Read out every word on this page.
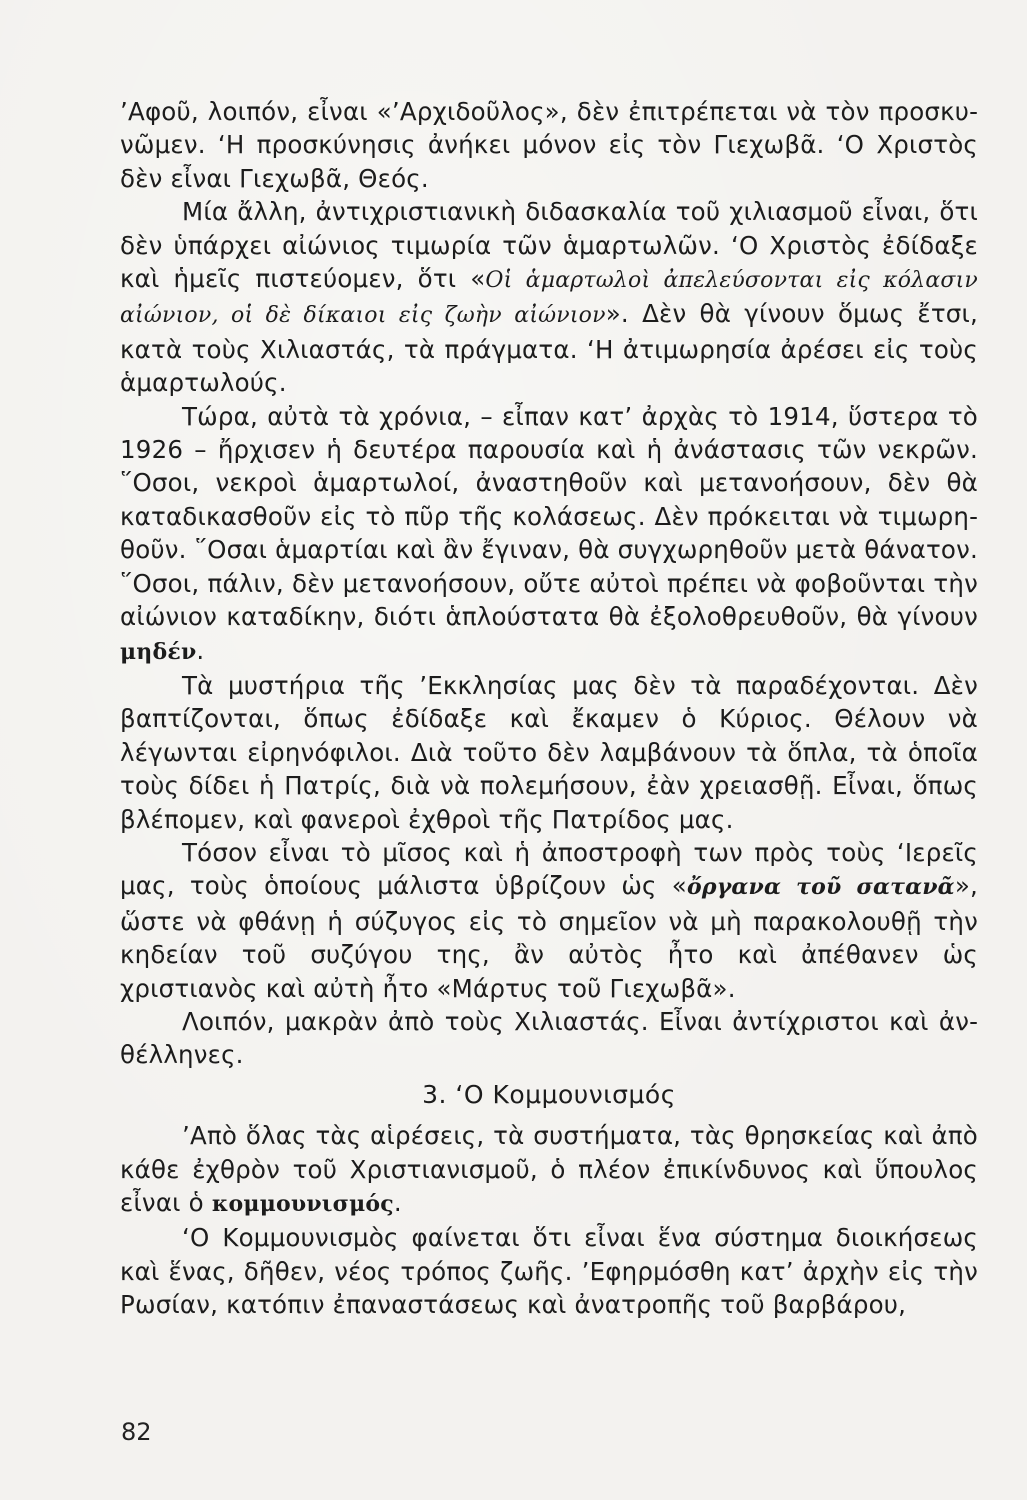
’Αφοῦ, λοιπόν, εἶναι «’Αρχιδοῦλος», δὲν ἐπιτρέπεται νὰ τὸν προσκυνῶμεν. ‘Η προσκύνησις ἀνήκει μόνον εἰς τὸν Γιεχωβᾶ. ‘Ο Χριστὸς δὲν εἶναι Γιεχωβᾶ, Θεός.

Μία ἄλλη, ἀντιχριστιανικὴ διδασκαλία τοῦ χιλιασμοῦ εἶναι, ὅτι δὲν ὑπάρχει αἰώνιος τιμωρία τῶν ἁμαρτωλῶν. ‘Ο Χριστὸς ἐδίδαξε καὶ ἡμεῖς πιστεύομεν, ὅτι «Οἱ ἁμαρτωλοὶ ἀπελεύσονται εἰς κόλασιν αἰώνιον, οἱ δὲ δίκαιοι εἰς ζωὴν αἰώνιον». Δὲν θὰ γίνουν ὅμως ἔτσι, κατὰ τοὺς Χιλιαστάς, τὰ πράγματα. ‘Η ἀτιμωρησία ἀρέσει εἰς τοὺς ἁμαρτωλούς.

Τώρα, αὐτὰ τὰ χρόνια, – εἶπαν κατ’ ἀρχὰς τὸ 1914, ὕστερα τὸ 1926 – ἤρχισεν ἡ δευτέρα παρουσία καὶ ἡ ἀνάστασις τῶν νεκρῶν. ῞Οσοι, νεκροὶ ἁμαρτωλοί, ἀναστηθοῦν καὶ μετανοήσουν, δὲν θὰ καταδικασθοῦν εἰς τὸ πῦρ τῆς κολάσεως. Δὲν πρόκειται νὰ τιμωρηθοῦν. ῞Οσαι ἁμαρτίαι καὶ ἂν ἔγιναν, θὰ συγχωρηθοῦν μετὰ θάνατον. ῞Οσοι, πάλιν, δὲν μετανοήσουν, οὔτε αὐτοὶ πρέπει νὰ φοβοῦνται τὴν αἰώνιον καταδίκην, διότι ἁπλούστατα θὰ ἐξολοθρευθοῦν, θὰ γίνουν μηδέν.

Τὰ μυστήρια τῆς ’Εκκλησίας μας δὲν τὰ παραδέχονται. Δὲν βαπτίζονται, ὅπως ἐδίδαξε καὶ ἔκαμεν ὁ Κύριος. Θέλουν νὰ λέγωνται εἰρηνόφιλοι. Διὰ τοῦτο δὲν λαμβάνουν τὰ ὅπλα, τὰ ὁποῖα τοὺς δίδει ἡ Πατρίς, διὰ νὰ πολεμήσουν, ἐὰν χρειασθῇ. Εἶναι, ὅπως βλέπομεν, καὶ φανεροὶ ἐχθροὶ τῆς Πατρίδος μας.

Τόσον εἶναι τὸ μῖσος καὶ ἡ ἀποστροφὴ των πρὸς τοὺς ‘Ιερεῖς μας, τοὺς ὁποίους μάλιστα ὑβρίζουν ὡς «ὄργανα τοῦ σατανᾶ», ὥστε νὰ φθάνῃ ἡ σύζυγος εἰς τὸ σημεῖον νὰ μὴ παρακολουθῇ τὴν κηδείαν τοῦ συζύγου της, ἂν αὐτὸς ἦτο καὶ ἀπέθανεν ὡς χριστιανὸς καὶ αὐτὴ ἦτο «Μάρτυς τοῦ Γιεχωβᾶ».

Λοιπόν, μακρὰν ἀπὸ τοὺς Χιλιαστάς. Εἶναι ἀντίχριστοι καὶ ἀνθέλληνες.

3. ‘Ο Κομμουνισμός

’Απὸ ὅλας τὰς αἱρέσεις, τὰ συστήματα, τὰς θρησκείας καὶ ἀπὸ κάθε ἐχθρὸν τοῦ Χριστιανισμοῦ, ὁ πλέον ἐπικίνδυνος καὶ ὕπουλος εἶναι ὁ κομμουνισμός.

‘Ο Κομμουνισμὸς φαίνεται ὅτι εἶναι ἕνα σύστημα διοικήσεως καὶ ἕνας, δῆθεν, νέος τρόπος ζωῆς. ’Εφηρμόσθη κατ’ ἀρχὴν εἰς τὴν Ρωσίαν, κατόπιν ἐπαναστάσεως καὶ ἀνατροπῆς τοῦ βαρβάρου,

82
